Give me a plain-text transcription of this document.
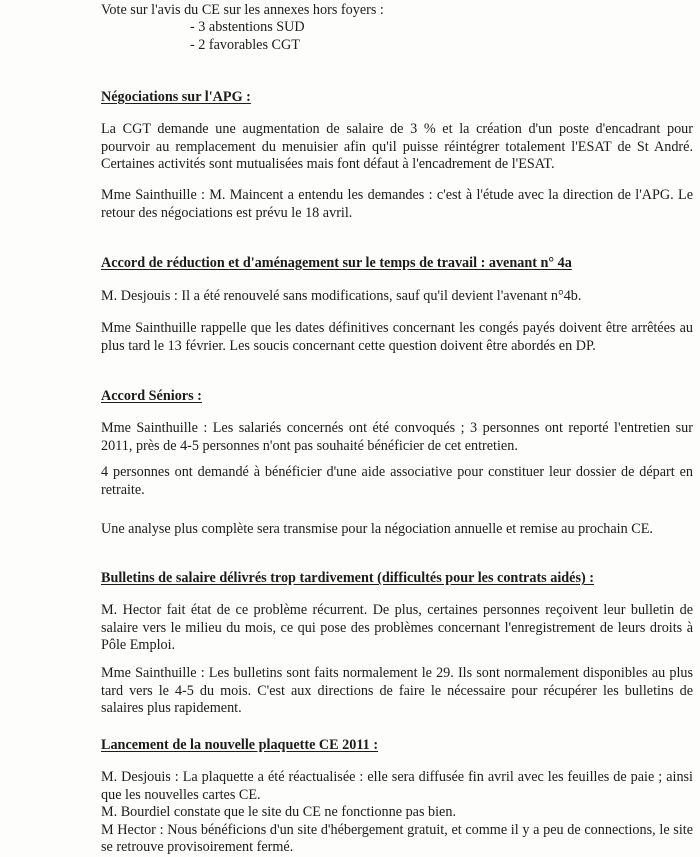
Vote sur l'avis du CE sur les annexes hors foyers :

- 3 abstentions SUD

- 2 favorables CGT

Négociations sur l'APG :

La CGT demande une augmentation de salaire de 3 % et la création d'un poste d'encadrant pour pourvoir au remplacement du menuisier afin qu'il puisse réintégrer totalement l'ESAT de St André. Certaines activités sont mutualisées mais font défaut à l'encadrement de l'ESAT.

Mme Sainthuille : M. Maincent a entendu les demandes : c'est à l'étude avec la direction de l'APG. Le retour des négociations est prévu le 18 avril.

Accord de réduction et d'aménagement sur le temps de travail : avenant n° 4a

M. Desjouis : Il a été renouvelé sans modifications, sauf qu'il devient l'avenant n°4b.

Mme Sainthuille rappelle que les dates définitives concernant les congés payés doivent être arrêtées au plus tard le 13 février. Les soucis concernant cette question doivent être abordés en DP.

Accord Séniors :

Mme Sainthuille : Les salariés concernés ont été convoqués ; 3 personnes ont reporté l'entretien sur 2011, près de 4-5 personnes n'ont pas souhaité bénéficier de cet entretien.

4 personnes ont demandé à bénéficier d'une aide associative pour constituer leur dossier de départ en retraite.

Une analyse plus complète sera transmise pour la négociation annuelle et remise au prochain CE.

Bulletins de salaire délivrés trop tardivement (difficultés pour les contrats aidés) :

M. Hector fait état de ce problème récurrent. De plus, certaines personnes reçoivent leur bulletin de salaire vers le milieu du mois, ce qui pose des problèmes concernant l'enregistrement de leurs droits à Pôle Emploi.

Mme Sainthuille : Les bulletins sont faits normalement le 29. Ils sont normalement disponibles au plus tard vers le 4-5 du mois. C'est aux directions de faire le nécessaire pour récupérer les bulletins de salaires plus rapidement.

Lancement de la nouvelle plaquette CE 2011 :

M. Desjouis : La plaquette a été réactualisée : elle sera diffusée fin avril avec les feuilles de paie ; ainsi que les nouvelles cartes CE.
M. Bourdiel constate que le site du CE ne fonctionne pas bien.
M Hector : Nous bénéficions d'un site d'hébergement gratuit, et comme il y a peu de connections, le site se retrouve provisoirement fermé.
